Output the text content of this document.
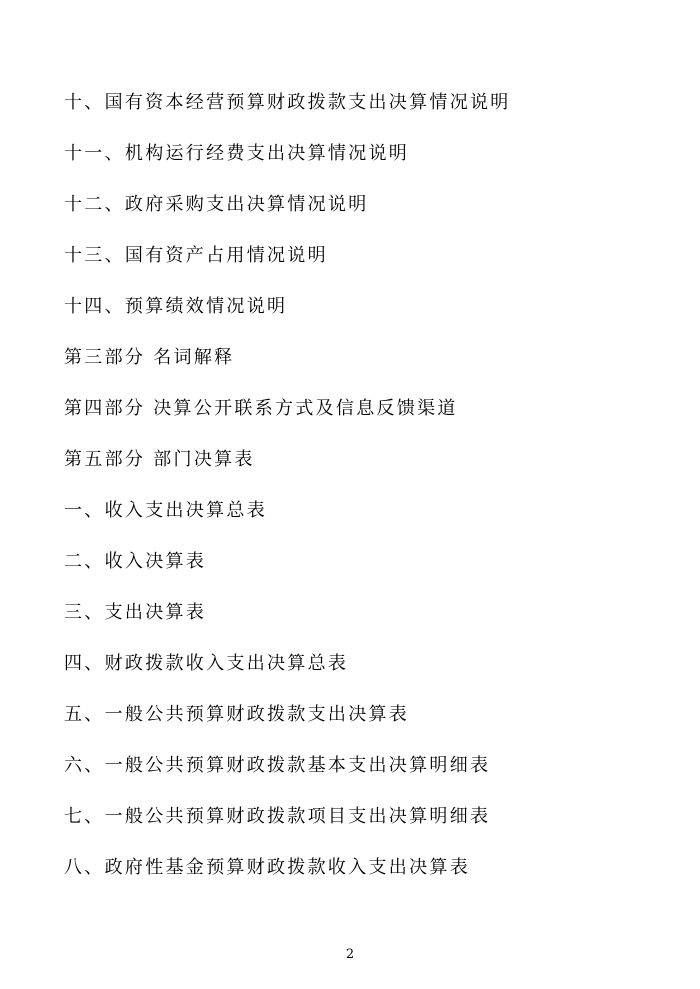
十、国有资本经营预算财政拨款支出决算情况说明
十一、机构运行经费支出决算情况说明
十二、政府采购支出决算情况说明
十三、国有资产占用情况说明
十四、预算绩效情况说明
第三部分 名词解释
第四部分 决算公开联系方式及信息反馈渠道
第五部分 部门决算表
一、收入支出决算总表
二、收入决算表
三、支出决算表
四、财政拨款收入支出决算总表
五、一般公共预算财政拨款支出决算表
六、一般公共预算财政拨款基本支出决算明细表
七、一般公共预算财政拨款项目支出决算明细表
八、政府性基金预算财政拨款收入支出决算表
2
